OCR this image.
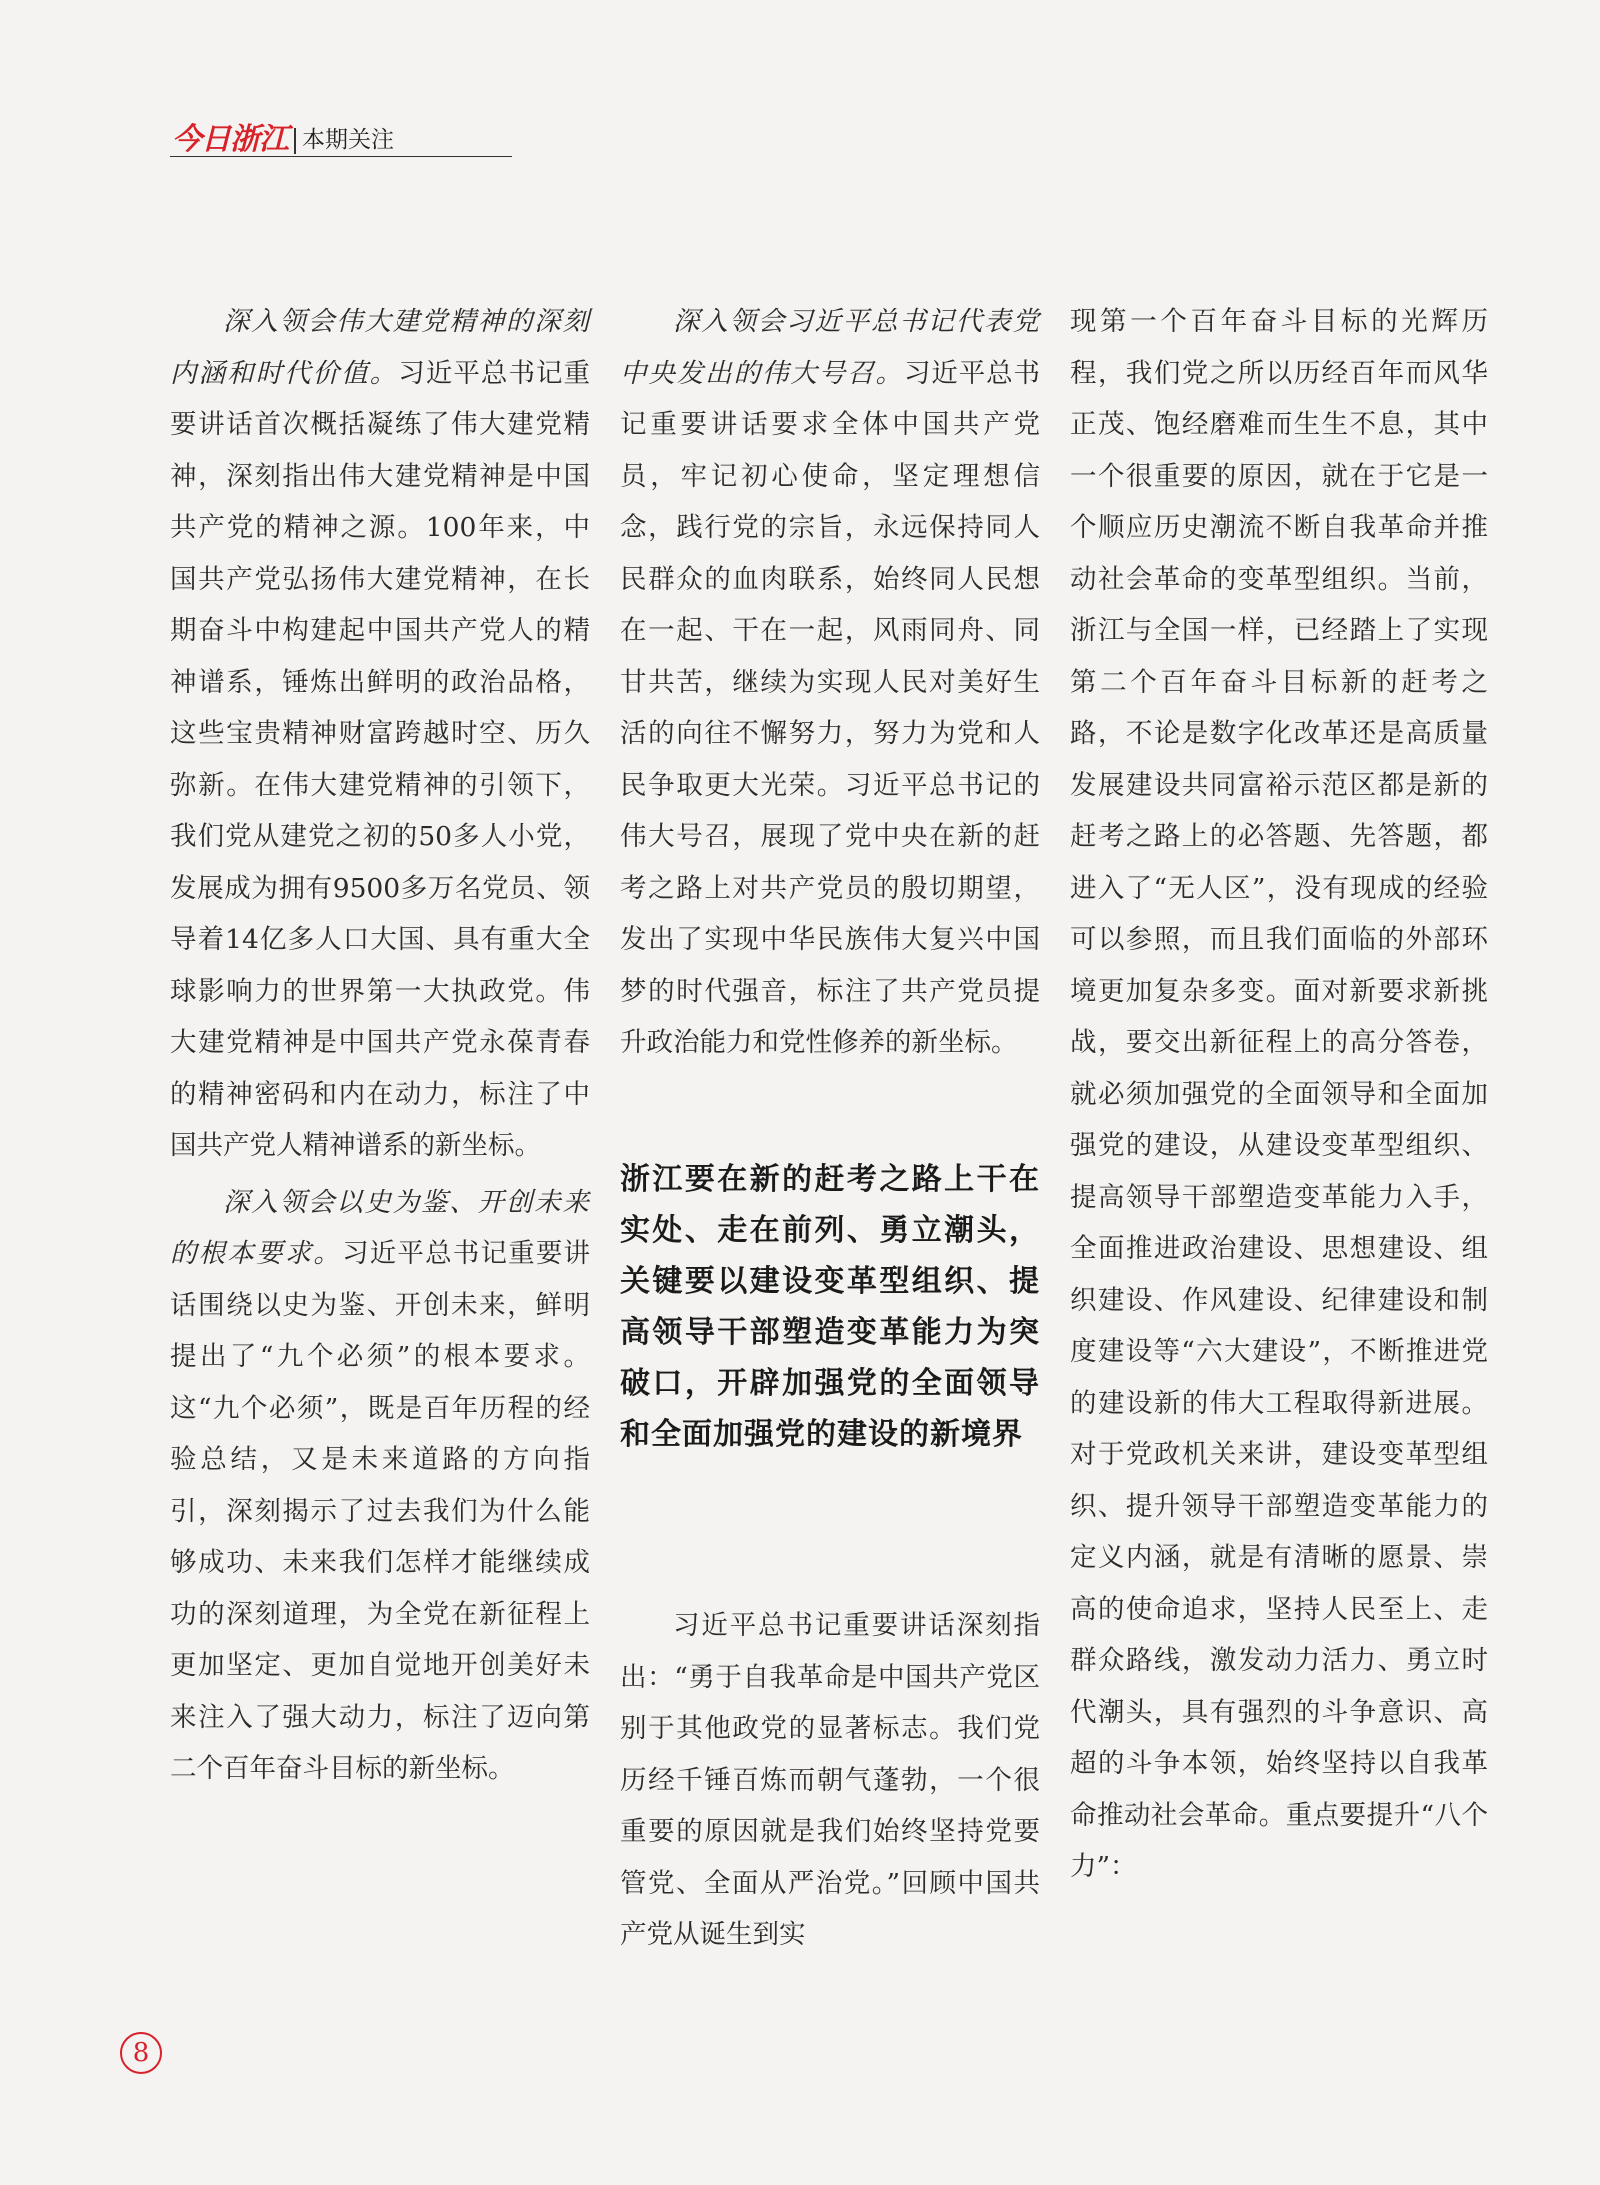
今日浙江 本期关注

深入领会伟大建党精神的深刻内涵和时代价值。习近平总书记重要讲话首次概括凝练了伟大建党精神，深刻指出伟大建党精神是中国共产党的精神之源。100年来，中国共产党弘扬伟大建党精神，在长期奋斗中构建起中国共产党人的精神谱系，锤炼出鲜明的政治品格，这些宝贵精神财富跨越时空、历久弥新。在伟大建党精神的引领下，我们党从建党之初的50多人小党，发展成为拥有9500多万名党员、领导着14亿多人口大国、具有重大全球影响力的世界第一大执政党。伟大建党精神是中国共产党永葆青春的精神密码和内在动力，标注了中国共产党人精神谱系的新坐标。

深入领会以史为鉴、开创未来的根本要求。习近平总书记重要讲话围绕以史为鉴、开创未来，鲜明提出了“九个必须”的根本要求。这“九个必须”，既是百年历程的经验总结，又是未来道路的方向指引，深刻揭示了过去我们为什么能够成功、未来我们怎样才能继续成功的深刻道理，为全党在新征程上更加坚定、更加自觉地开创美好未来注入了强大动力，标注了迈向第二个百年奋斗目标的新坐标。

深入领会习近平总书记代表党中央发出的伟大号召。习近平总书记重要讲话要求全体中国共产党员，牢记初心使命，坚定理想信念，践行党的宗旨，永远保持同人民群众的血肉联系，始终同人民想在一起、干在一起，风雨同舟、同甘共苦，继续为实现人民对美好生活的向往不懈努力，努力为党和人民争取更大光荣。习近平总书记的伟大号召，展现了党中央在新的赶考之路上对共产党员的殷切期望，发出了实现中华民族伟大复兴中国梦的时代强音，标注了共产党员提升政治能力和党性修养的新坐标。

浙江要在新的赶考之路上干在实处、走在前列、勇立潮头，关键要以建设变革型组织、提高领导干部塑造变革能力为突破口，开辟加强党的全面领导和全面加强党的建设的新境界

习近平总书记重要讲话深刻指出：“勇于自我革命是中国共产党区别于其他政党的显著标志。我们党历经千锤百炼而朝气蓬勃，一个很重要的原因就是我们始终坚持党要管党、全面从严治党。”回顾中国共产党从诞生到实

现第一个百年奋斗目标的光辉历程，我们党之所以历经百年而风华正茂、饱经磨难而生生不息，其中一个很重要的原因，就在于它是一个顺应历史潮流不断自我革命并推动社会革命的变革型组织。当前，浙江与全国一样，已经踏上了实现第二个百年奋斗目标新的赶考之路，不论是数字化改革还是高质量发展建设共同富裕示范区都是新的赶考之路上的必答题、先答题，都进入了“无人区”，没有现成的经验可以参照，而且我们面临的外部环境更加复杂多变。面对新要求新挑战，要交出新征程上的高分答卷，就必须加强党的全面领导和全面加强党的建设，从建设变革型组织、提高领导干部塑造变革能力入手，全面推进政治建设、思想建设、组织建设、作风建设、纪律建设和制度建设等“六大建设”，不断推进党的建设新的伟大工程取得新进展。对于党政机关来讲，建设变革型组织、提升领导干部塑造变革能力的定义内涵，就是有清晰的愿景、崇高的使命追求，坚持人民至上、走群众路线，激发动力活力、勇立时代潮头，具有强烈的斗争意识、高超的斗争本领，始终坚持以自我革命推动社会革命。重点要提升“八个力”：

8
